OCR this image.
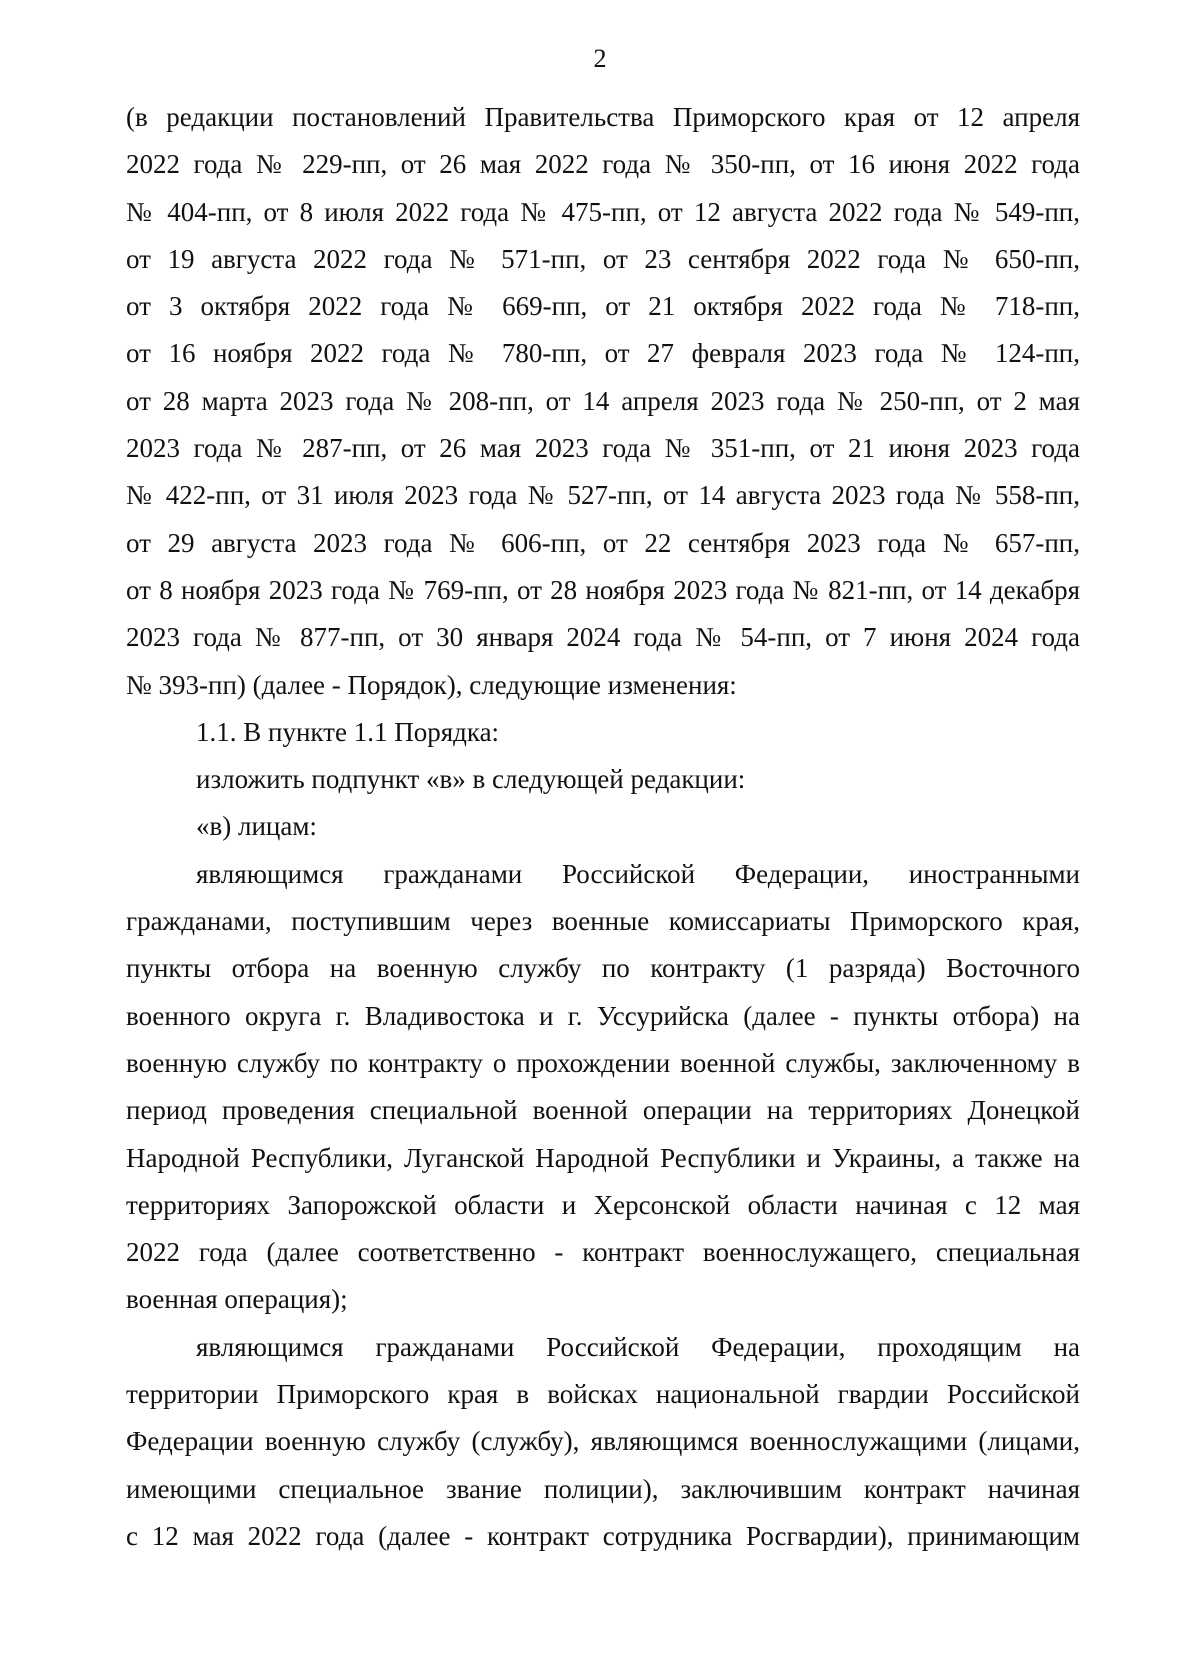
2
(в редакции постановлений Правительства Приморского края от 12 апреля
2022 года № 229-пп, от 26 мая 2022 года № 350-пп, от 16 июня 2022 года
№ 404-пп, от 8 июля 2022 года № 475-пп, от 12 августа 2022 года № 549-пп,
от 19 августа 2022 года № 571-пп, от 23 сентября 2022 года № 650-пп,
от 3 октября 2022 года № 669-пп, от 21 октября 2022 года № 718-пп,
от 16 ноября 2022 года № 780-пп, от 27 февраля 2023 года № 124-пп,
от 28 марта 2023 года № 208-пп, от 14 апреля 2023 года № 250-пп, от 2 мая
2023 года № 287-пп, от 26 мая 2023 года № 351-пп, от 21 июня 2023 года
№ 422-пп, от 31 июля 2023 года № 527-пп, от 14 августа 2023 года № 558-пп,
от 29 августа 2023 года № 606-пп, от 22 сентября 2023 года № 657-пп,
от 8 ноября 2023 года № 769-пп, от 28 ноября 2023 года № 821-пп, от 14 декабря
2023 года № 877-пп, от 30 января 2024 года № 54-пп, от 7 июня 2024 года
№ 393-пп) (далее - Порядок), следующие изменения:
1.1. В пункте 1.1 Порядка:
изложить подпункт «в» в следующей редакции:
«в) лицам:
являющимся гражданами Российской Федерации, иностранными
гражданами, поступившим через военные комиссариаты Приморского края,
пункты отбора на военную службу по контракту (1 разряда) Восточного
военного округа г. Владивостока и г. Уссурийска (далее - пункты отбора) на
военную службу по контракту о прохождении военной службы, заключенному в
период проведения специальной военной операции на территориях Донецкой
Народной Республики, Луганской Народной Республики и Украины, а также на
территориях Запорожской области и Херсонской области начиная с 12 мая
2022 года (далее соответственно - контракт военнослужащего, специальная
военная операция);
являющимся гражданами Российской Федерации, проходящим на
территории Приморского края в войсках национальной гвардии Российской
Федерации военную службу (службу), являющимся военнослужащими (лицами,
имеющими специальное звание полиции), заключившим контракт начиная
с 12 мая 2022 года (далее - контракт сотрудника Росгвардии), принимающим
